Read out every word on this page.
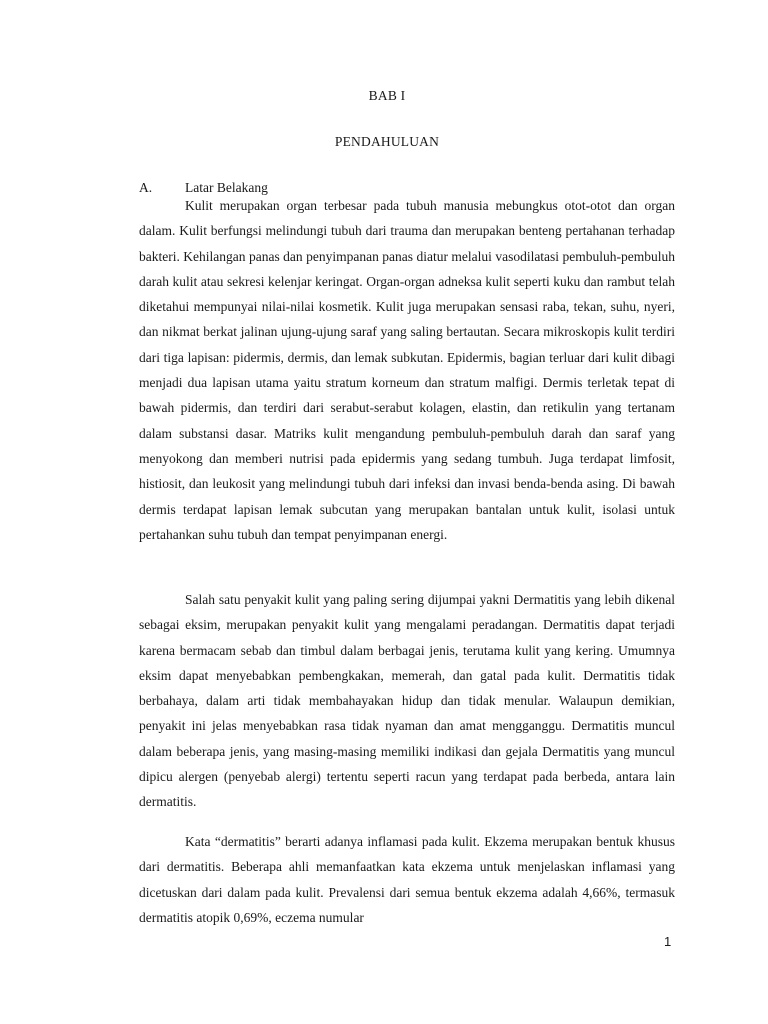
BAB I
PENDAHULUAN
A. Latar Belakang

Kulit merupakan organ terbesar pada tubuh manusia mebungkus otot-otot dan organ dalam. Kulit berfungsi melindungi tubuh dari trauma dan merupakan benteng pertahanan terhadap bakteri. Kehilangan panas dan penyimpanan panas diatur melalui vasodilatasi pembuluh-pembuluh darah kulit atau sekresi kelenjar keringat. Organ-organ adneksa kulit seperti kuku dan rambut telah diketahui mempunyai nilai-nilai kosmetik. Kulit juga merupakan sensasi raba, tekan, suhu, nyeri, dan nikmat berkat jalinan ujung-ujung saraf yang saling bertautan. Secara mikroskopis kulit terdiri dari tiga lapisan: pidermis, dermis, dan lemak subkutan. Epidermis, bagian terluar dari kulit dibagi menjadi dua lapisan utama yaitu stratum korneum dan stratum malfigi. Dermis terletak tepat di bawah pidermis, dan terdiri dari serabut-serabut kolagen, elastin, dan retikulin yang tertanam dalam substansi dasar. Matriks kulit mengandung pembuluh-pembuluh darah dan saraf yang menyokong dan memberi nutrisi pada epidermis yang sedang tumbuh. Juga terdapat limfosit, histiosit, dan leukosit yang melindungi tubuh dari infeksi dan invasi benda-benda asing. Di bawah dermis terdapat lapisan lemak subcutan yang merupakan bantalan untuk kulit, isolasi untuk pertahankan suhu tubuh dan tempat penyimpanan energi.

Salah satu penyakit kulit yang paling sering dijumpai yakni Dermatitis yang lebih dikenal sebagai eksim, merupakan penyakit kulit yang mengalami peradangan. Dermatitis dapat terjadi karena bermacam sebab dan timbul dalam berbagai jenis, terutama kulit yang kering. Umumnya eksim dapat menyebabkan pembengkakan, memerah, dan gatal pada kulit. Dermatitis tidak berbahaya, dalam arti tidak membahayakan hidup dan tidak menular. Walaupun demikian, penyakit ini jelas menyebabkan rasa tidak nyaman dan amat mengganggu. Dermatitis muncul dalam beberapa jenis, yang masing-masing memiliki indikasi dan gejala Dermatitis yang muncul dipicu alergen (penyebab alergi) tertentu seperti racun yang terdapat pada berbeda, antara lain dermatitis.

Kata “dermatitis” berarti adanya inflamasi pada kulit. Ekzema merupakan bentuk khusus dari dermatitis. Beberapa ahli memanfaatkan kata ekzema untuk menjelaskan inflamasi yang dicetuskan dari dalam pada kulit. Prevalensi dari semua bentuk ekzema adalah 4,66%, termasuk dermatitis atopik 0,69%, eczema numular

1
